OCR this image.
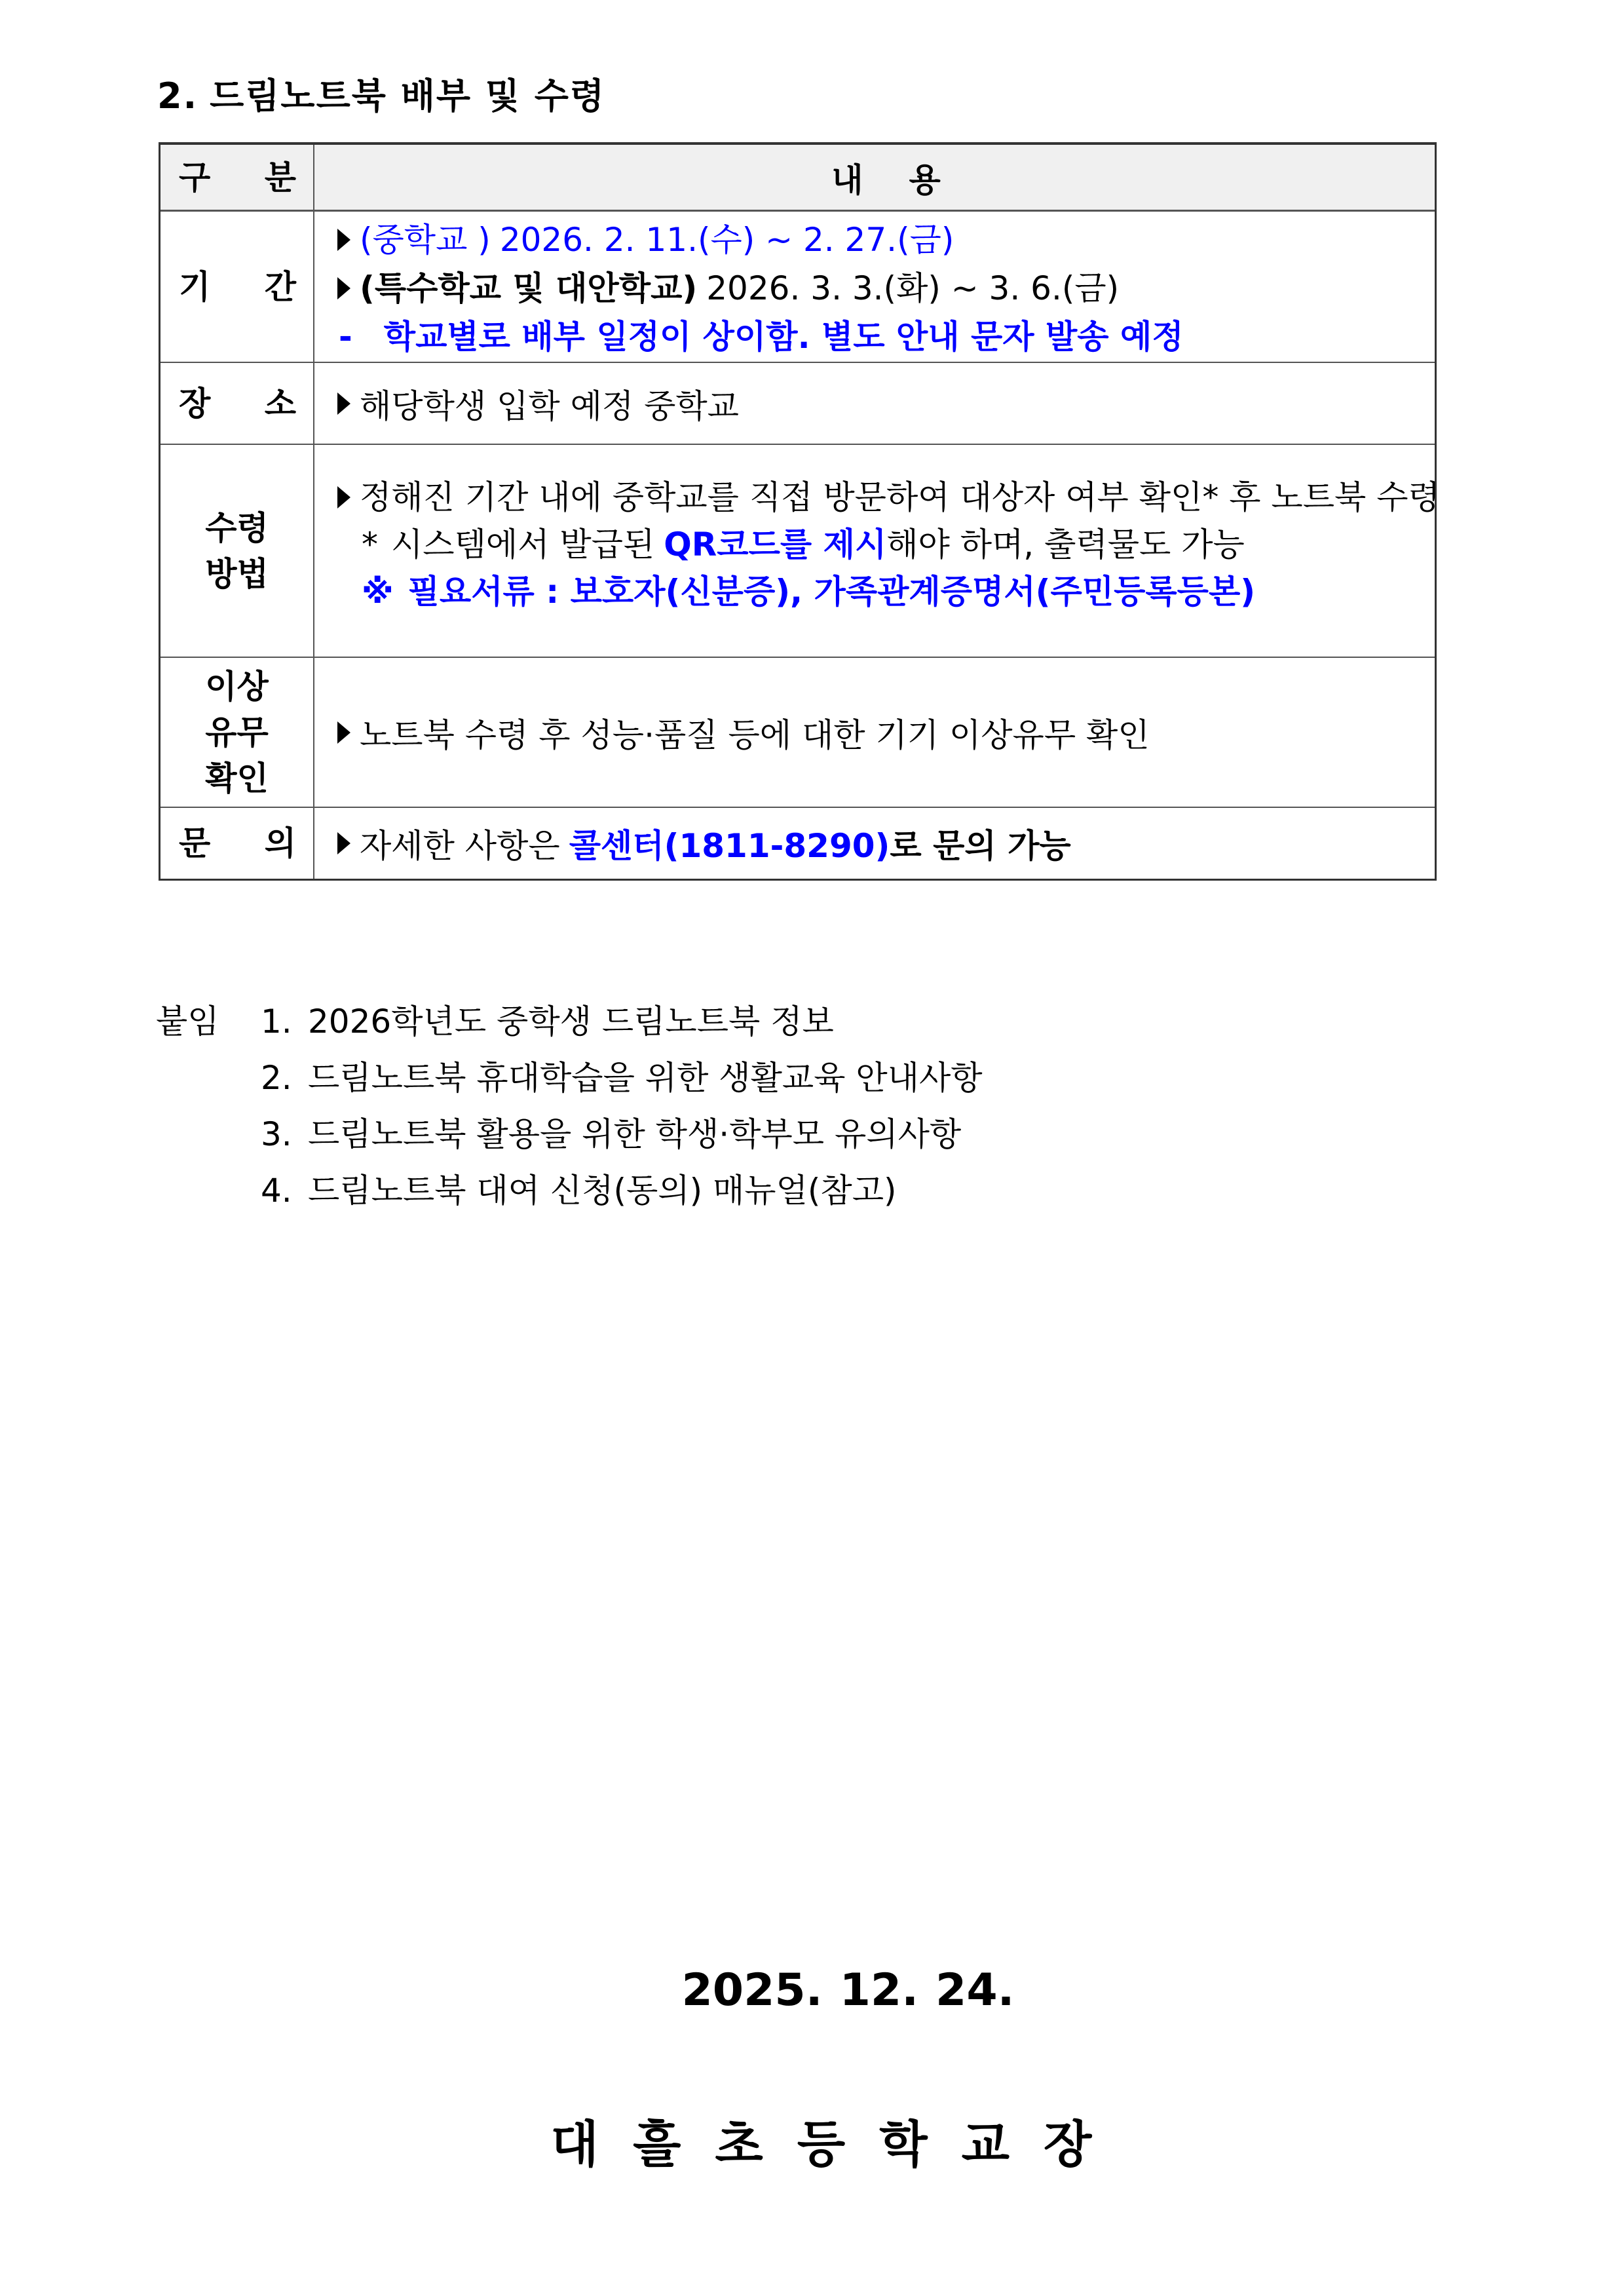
2. 드림노트북 배부 및 수령
구 분	내 용
기 간
(중학교 ) 2026. 2. 11.(수) ~ 2. 27.(금)
(특수학교 및 대안학교) 2026. 3. 3.(화) ~ 3. 6.(금)
- 학교별로 배부 일정이 상이함. 별도 안내 문자 발송 예정
장 소 해당학생 입학 예정 중학교
수령
방법
정해진 기간 내에 중학교를 직접 방문하여 대상자 여부 확인* 후 노트북 수령
* 시스템에서 발급된 QR코드를 제시 해야 하며, 출력물도 가능
※ 필요서류 : 보호자(신분증), 가족관계증명서(주민등록등본)
이상
유무
확인
노트북 수령 후 성능·품질 등에 대한 기기 이상유무 확인
문 의 자세한 사항은 콜센터(1811-8290) 로 문의 가능
붙임 1. 2026학년도 중학생 드림노트북 정보
2. 드림노트북 휴대학습을 위한 생활교육 안내사항
3. 드림노트북 활용을 위한 학생·학부모 유의사항
4. 드림노트북 대여 신청(동의) 매뉴얼(참고)
2025. 12. 24.
대흘초등학교장
